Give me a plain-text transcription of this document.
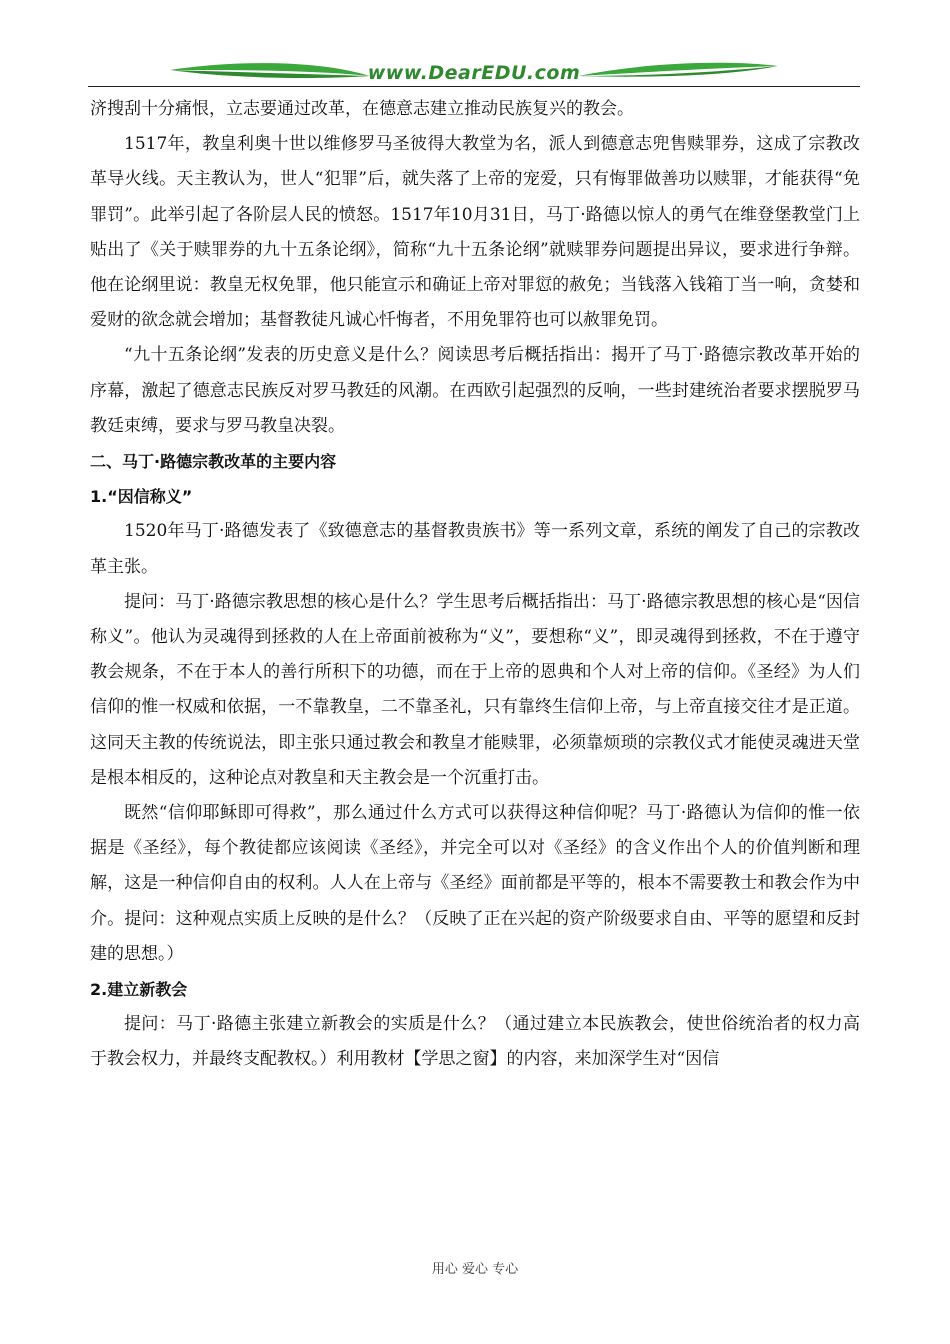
www.DearEDU.com

济搜刮十分痛恨，立志要通过改革，在德意志建立推动民族复兴的教会。

1517年，教皇利奥十世以维修罗马圣彼得大教堂为名，派人到德意志兜售赎罪券，这成了宗教改革导火线。天主教认为，世人“犯罪”后，就失落了上帝的宠爱，只有悔罪做善功以赎罪，才能获得“免罪罚”。此举引起了各阶层人民的愤怒。1517年10月31日，马丁·路德以惊人的勇气在维登堡教堂门上贴出了《关于赎罪券的九十五条论纲》，简称“九十五条论纲”就赎罪券问题提出异议，要求进行争辩。他在论纲里说：教皇无权免罪，他只能宣示和确证上帝对罪愆的赦免；当钱落入钱箱丁当一响，贪婪和爱财的欲念就会增加；基督教徒凡诚心忏悔者，不用免罪符也可以赦罪免罚。

“九十五条论纲”发表的历史意义是什么？阅读思考后概括指出：揭开了马丁·路德宗教改革开始的序幕，激起了德意志民族反对罗马教廷的风潮。在西欧引起强烈的反响，一些封建统治者要求摆脱罗马教廷束缚，要求与罗马教皇决裂。

二、马丁·路德宗教改革的主要内容

1.“因信称义”

1520年马丁·路德发表了《致德意志的基督教贵族书》等一系列文章，系统的阐发了自己的宗教改革主张。

提问：马丁·路德宗教思想的核心是什么？学生思考后概括指出：马丁·路德宗教思想的核心是“因信称义”。他认为灵魂得到拯救的人在上帝面前被称为“义”，要想称“义”，即灵魂得到拯救，不在于遵守教会规条，不在于本人的善行所积下的功德，而在于上帝的恩典和个人对上帝的信仰。《圣经》为人们信仰的惟一权威和依据，一不靠教皇，二不靠圣礼，只有靠终生信仰上帝，与上帝直接交往才是正道。这同天主教的传统说法，即主张只通过教会和教皇才能赎罪，必须靠烦琐的宗教仪式才能使灵魂进天堂是根本相反的，这种论点对教皇和天主教会是一个沉重打击。

既然“信仰耶稣即可得救”，那么通过什么方式可以获得这种信仰呢？马丁·路德认为信仰的惟一依据是《圣经》，每个教徒都应该阅读《圣经》，并完全可以对《圣经》的含义作出个人的价值判断和理解，这是一种信仰自由的权利。人人在上帝与《圣经》面前都是平等的，根本不需要教士和教会作为中介。提问：这种观点实质上反映的是什么？（反映了正在兴起的资产阶级要求自由、平等的愿望和反封建的思想。）

2.建立新教会

提问：马丁·路德主张建立新教会的实质是什么？（通过建立本民族教会，使世俗统治者的权力高于教会权力，并最终支配教权。）利用教材【学思之窗】的内容，来加深学生对“因信

用心 爱心 专心
